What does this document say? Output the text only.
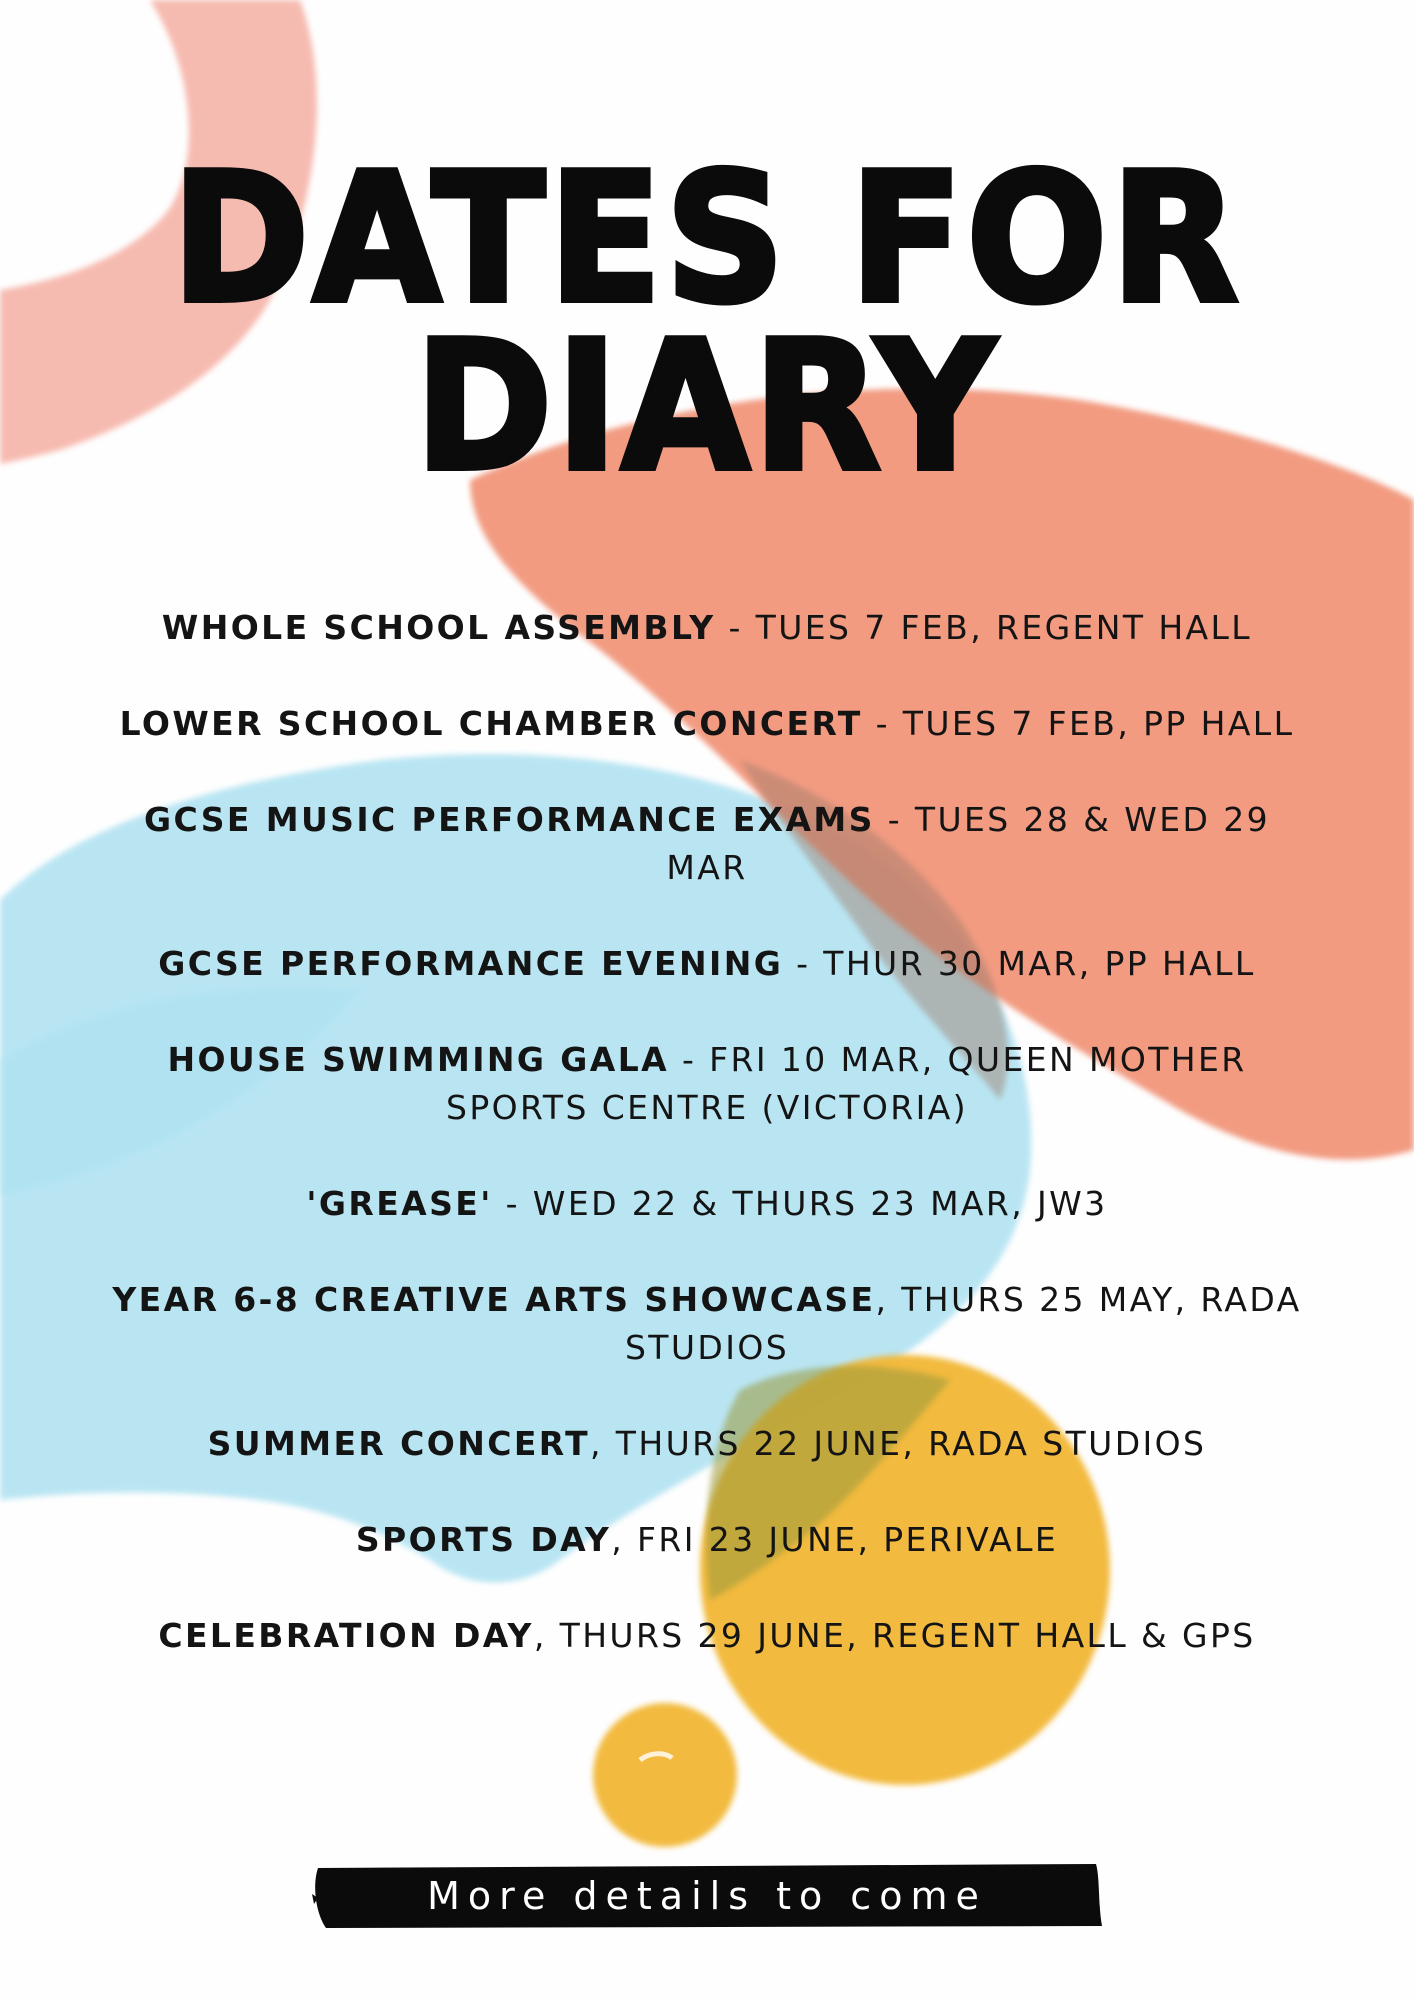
DATES FOR
DIARY
WHOLE SCHOOL ASSEMBLY - TUES 7 FEB, REGENT HALL
LOWER SCHOOL CHAMBER CONCERT - TUES 7 FEB, PP HALL
GCSE MUSIC PERFORMANCE EXAMS - TUES 28 & WED 29 MAR
GCSE PERFORMANCE EVENING - THUR 30 MAR, PP HALL
HOUSE SWIMMING GALA - FRI 10 MAR, QUEEN MOTHER SPORTS CENTRE (VICTORIA)
'GREASE' - WED 22 & THURS 23 MAR, JW3
YEAR 6-8 CREATIVE ARTS SHOWCASE, THURS 25 MAY, RADA STUDIOS
SUMMER CONCERT, THURS 22 JUNE, RADA STUDIOS
SPORTS DAY, FRI 23 JUNE, PERIVALE
CELEBRATION DAY, THURS 29 JUNE, REGENT HALL & GPS
More details to come
